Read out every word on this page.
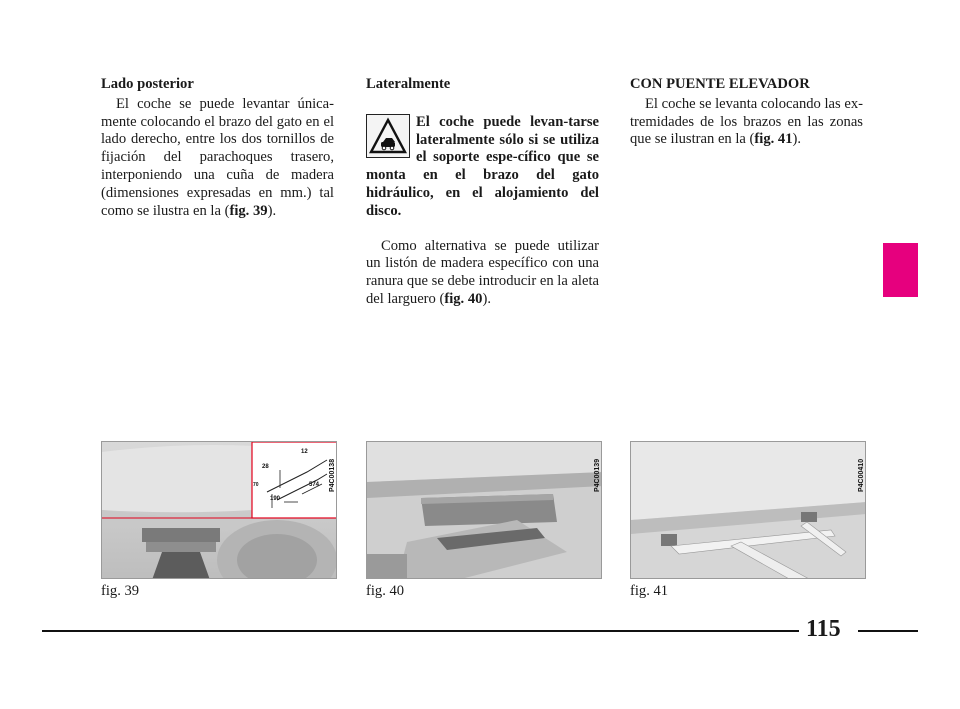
Lado posterior

El coche se puede levantar única-mente colocando el brazo del gato en el lado derecho, entre los dos tornillos de fijación del parachoques trasero, interponiendo una cuña de madera (dimensiones expresadas en mm.) tal como se ilustra en la (fig. 39).

Lateralmente

El coche puede levan-tarse lateralmente sólo si se utiliza el soporte espe-cífico que se monta en el brazo del gato hidráulico, en el alojamiento del disco.

Como alternativa se puede utilizar un listón de madera específico con una ranura que se debe introducir en la aleta del larguero (fig. 40).

CON PUENTE ELEVADOR

El coche se levanta colocando las ex-tremidades de los brazos en las zonas que se ilustran en la (fig. 41).

12
28
70
190
574	P4C00138	P4C00139	P4C00410
fig. 39	fig. 40	fig. 41
115
